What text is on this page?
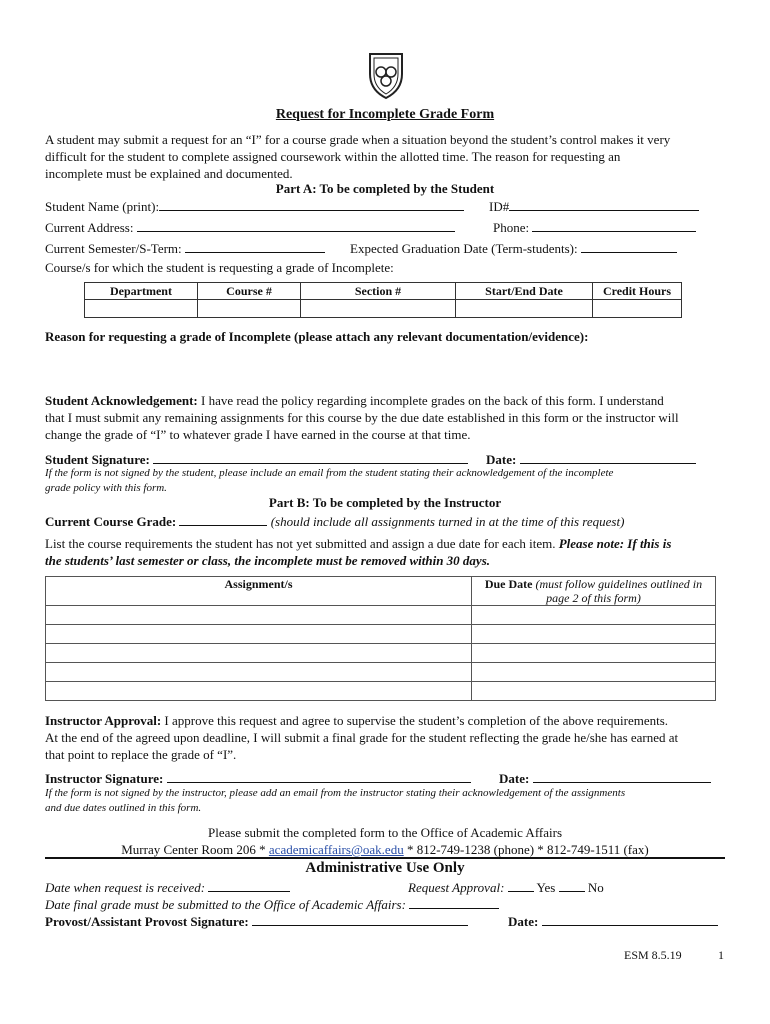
Request for Incomplete Grade Form
A student may submit a request for an “I” for a course grade when a situation beyond the student’s control makes it very
difficult for the student to complete assigned coursework within the allotted time. The reason for requesting an
incomplete must be explained and documented.
Part A: To be completed by the Student
Student Name (print):	ID#
Current Address:	Phone:
Current Semester/S-Term:	Expected Graduation Date (Term-students):
Course/s for which the student is requesting a grade of Incomplete:
Department	Course #	Section #	Start/End Date	Credit Hours

Reason for requesting a grade of Incomplete (please attach any relevant documentation/evidence):
Student Acknowledgement: I have read the policy regarding incomplete grades on the back of this form. I understand
that I must submit any remaining assignments for this course by the due date established in this form or the instructor will
change the grade of “I” to whatever grade I have earned in the course at that time.
Student Signature:	Date:
If the form is not signed by the student, please include an email from the student stating their acknowledgement of the incomplete
grade policy with this form.
Part B: To be completed by the Instructor
Current Course Grade:	(should include all assignments turned in at the time of this request)
List the course requirements the student has not yet submitted and assign a due date for each item. Please note: If this is
the students’ last semester or class, the incomplete must be removed within 30 days.
Assignment/s	Due Date (must follow guidelines outlined in
page 2 of this form)

Instructor Approval: I approve this request and agree to supervise the student’s completion of the above requirements.
At the end of the agreed upon deadline, I will submit a final grade for the student reflecting the grade he/she has earned at
that point to replace the grade of “I”.
Instructor Signature:	Date:
If the form is not signed by the instructor, please add an email from the instructor stating their acknowledgement of the assignments
and due dates outlined in this form.
Please submit the completed form to the Office of Academic Affairs
Murray Center Room 206 * academicaffairs@oak.edu * 812-749-1238 (phone) * 812-749-1511 (fax)
Administrative Use Only
Date when request is received:	Request Approval: Yes	No
Date final grade must be submitted to the Office of Academic Affairs:
Provost/Assistant Provost Signature:	Date:
ESM 8.5.19	1
